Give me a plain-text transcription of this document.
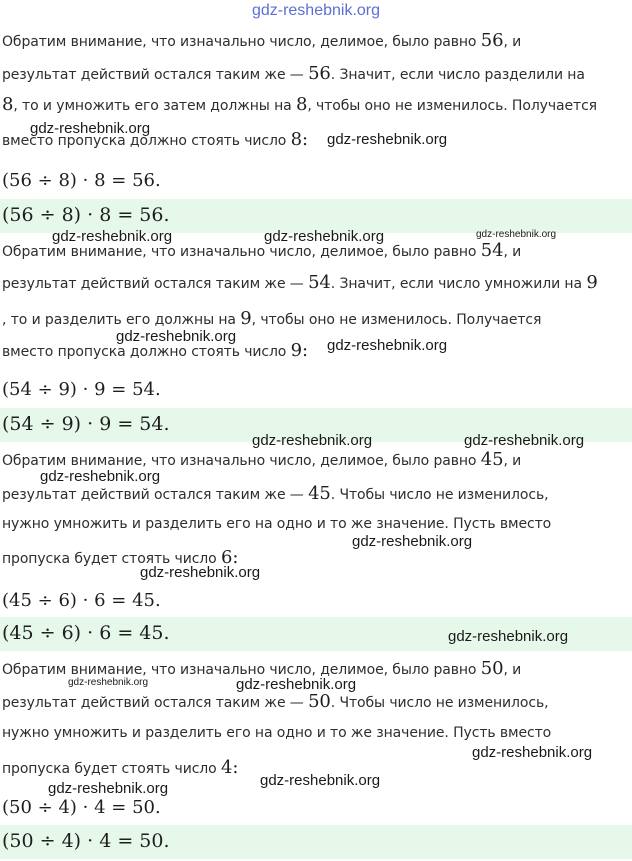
gdz-reshebnik.org
Обратим внимание, что изначально число, делимое, было равно 56, и
результат действий остался таким же — 56. Значит, если число разделили на
8, то и умножить его затем должны на 8, чтобы оно не изменилось. Получается
вместо пропуска должно стоять число 8:
(56 ÷ 8) · 8 = 56.
(56 ÷ 8) · 8 = 56.
Обратим внимание, что изначально число, делимое, было равно 54, и
результат действий остался таким же — 54. Значит, если число умножили на 9
, то и разделить его должны на 9, чтобы оно не изменилось. Получается
вместо пропуска должно стоять число 9:
(54 ÷ 9) · 9 = 54.
(54 ÷ 9) · 9 = 54.
Обратим внимание, что изначально число, делимое, было равно 45, и
результат действий остался таким же — 45. Чтобы число не изменилось,
нужно умножить и разделить его на одно и то же значение. Пусть вместо
пропуска будет стоять число 6:
(45 ÷ 6) · 6 = 45.
(45 ÷ 6) · 6 = 45.
Обратим внимание, что изначально число, делимое, было равно 50, и
результат действий остался таким же — 50. Чтобы число не изменилось,
нужно умножить и разделить его на одно и то же значение. Пусть вместо
пропуска будет стоять число 4:
(50 ÷ 4) · 4 = 50.
(50 ÷ 4) · 4 = 50.
gdz-reshebnik.org
gdz-reshebnik.org
gdz-reshebnik.org	gdz-reshebnik.org	gdz-reshebnik.org
gdz-reshebnik.org
gdz-reshebnik.org
gdz-reshebnik.org	gdz-reshebnik.org
gdz-reshebnik.org
gdz-reshebnik.org
gdz-reshebnik.org
gdz-reshebnik.org
gdz-reshebnik.org	gdz-reshebnik.org
gdz-reshebnik.org
gdz-reshebnik.org
gdz-reshebnik.org
